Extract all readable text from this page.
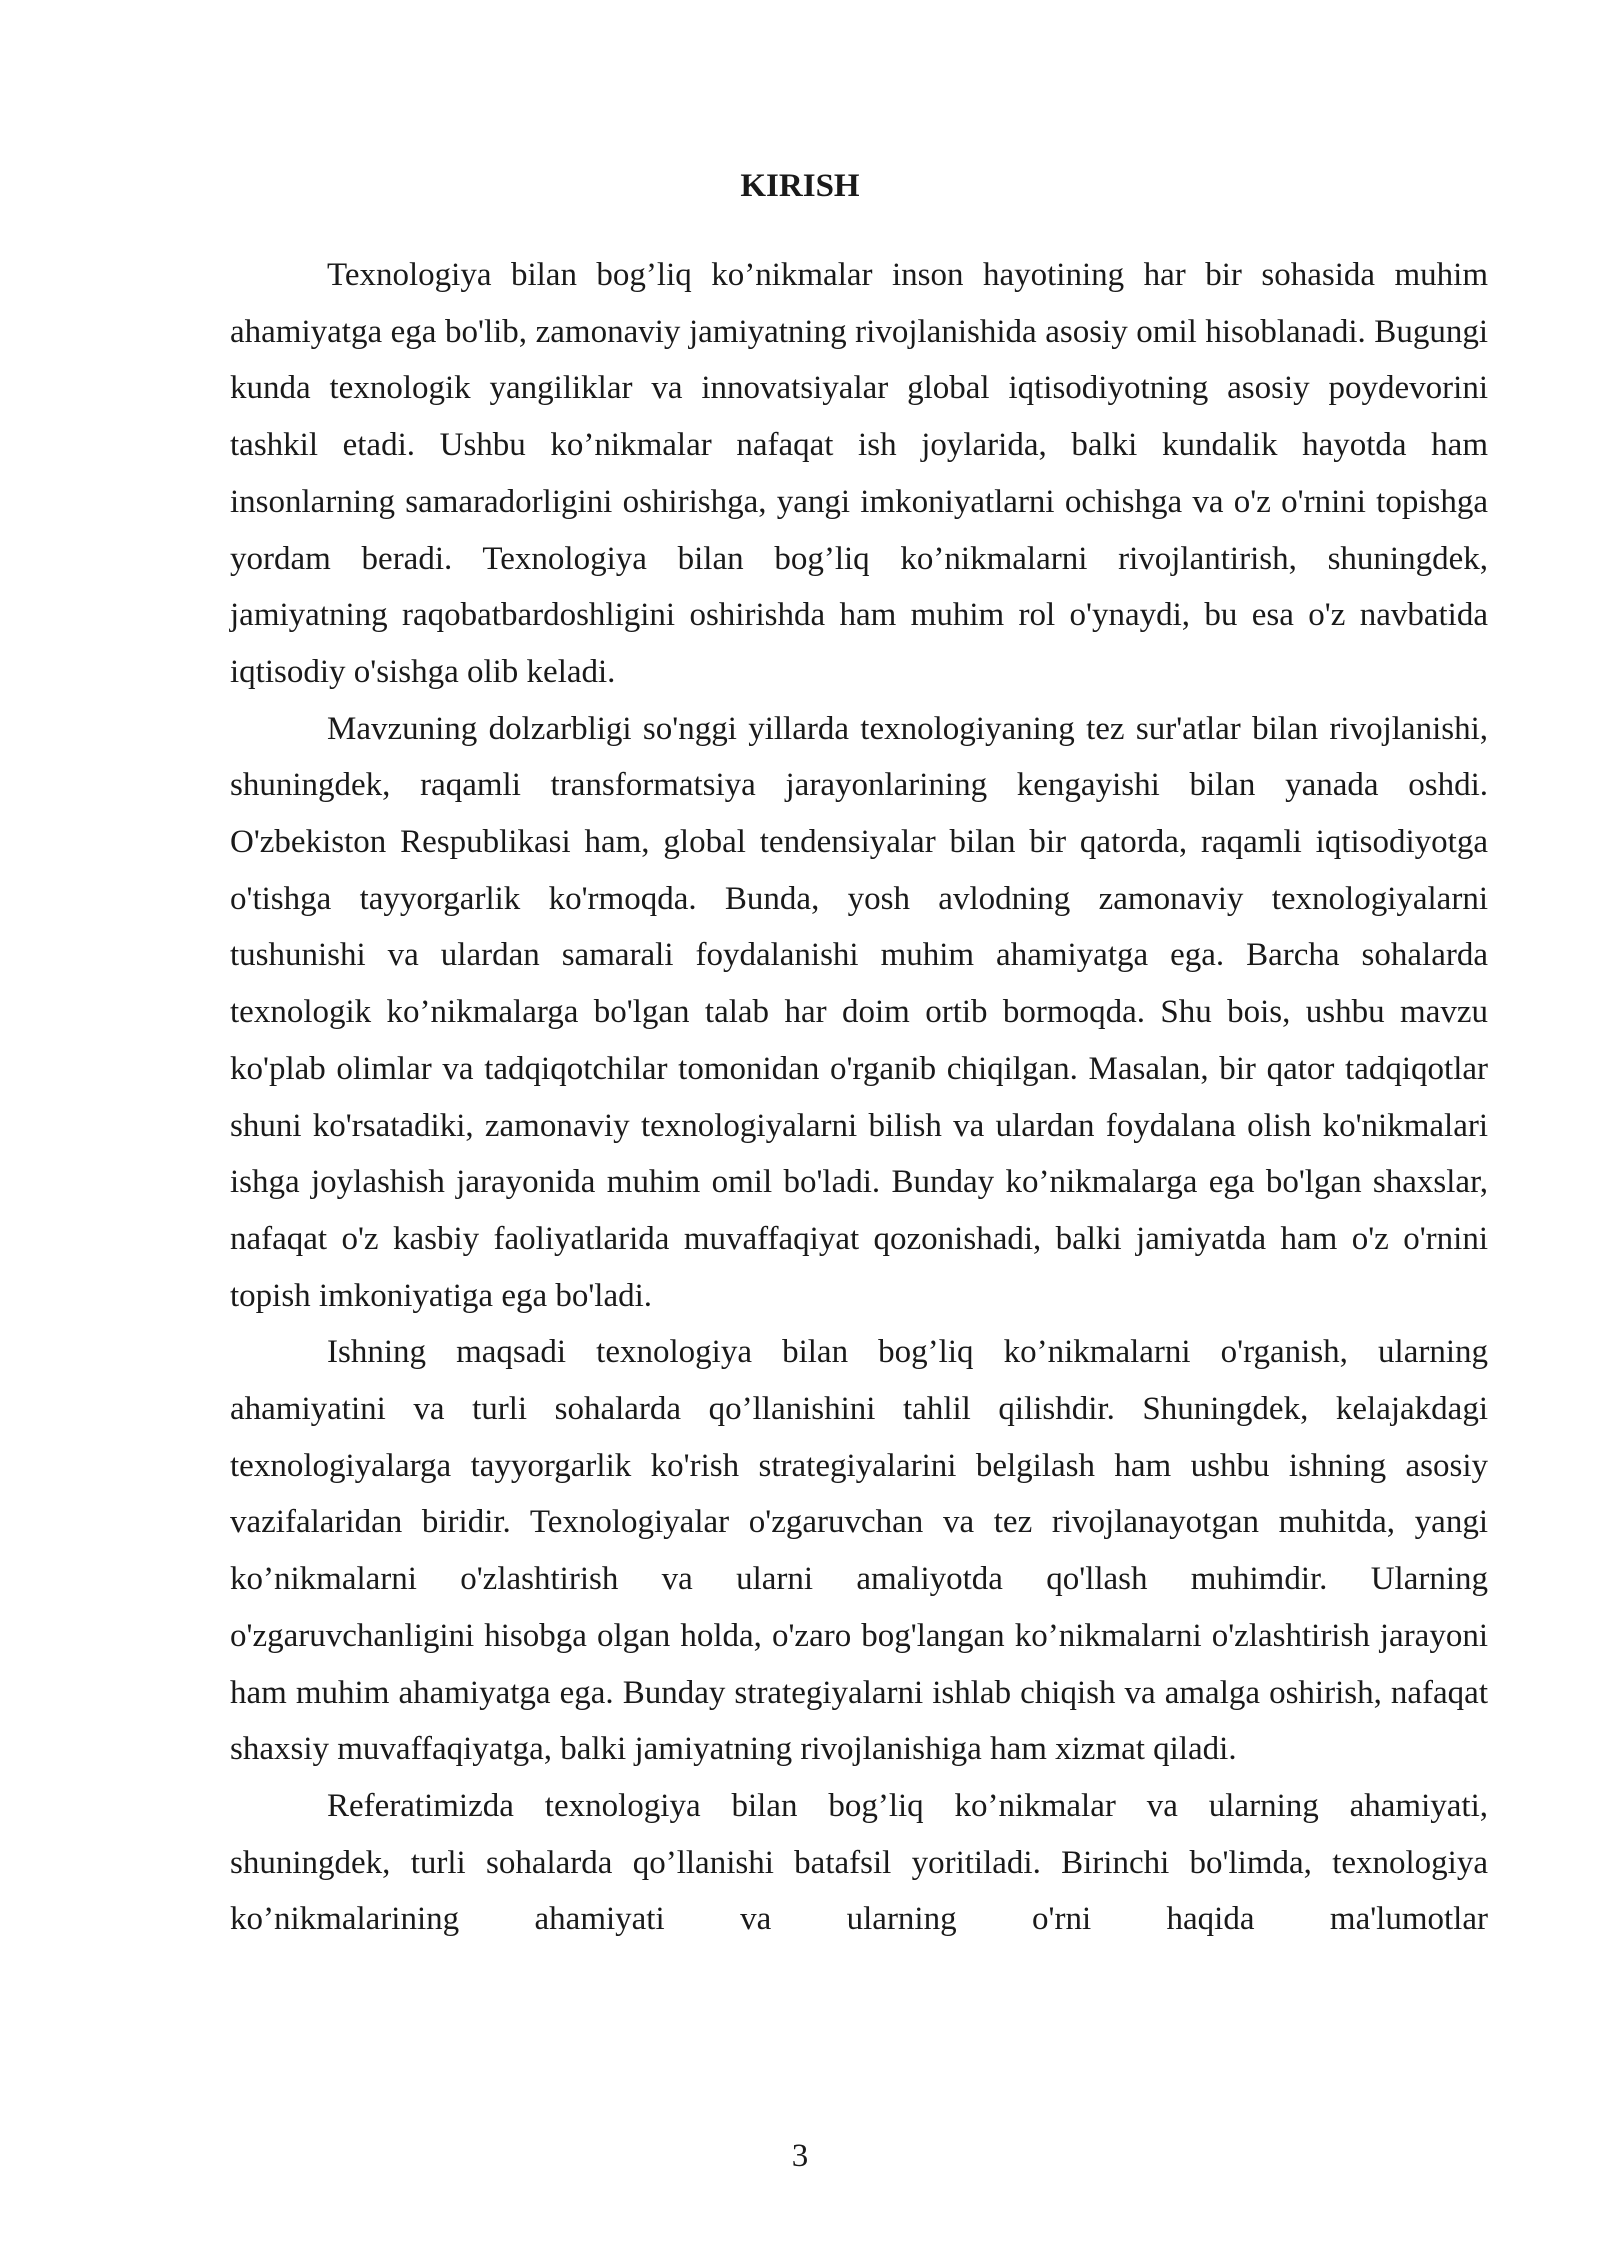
KIRISH

Texnologiya bilan bog’liq ko’nikmalar inson hayotining har bir sohasida muhim ahamiyatga ega bo'lib, zamonaviy jamiyatning rivojlanishida asosiy omil hisoblanadi. Bugungi kunda texnologik yangiliklar va innovatsiyalar global iqtisodiyotning asosiy poydevorini tashkil etadi. Ushbu ko’nikmalar nafaqat ish joylarida, balki kundalik hayotda ham insonlarning samaradorligini oshirishga, yangi imkoniyatlarni ochishga va o'z o'rnini topishga yordam beradi. Texnologiya bilan bog’liq ko’nikmalarni rivojlantirish, shuningdek, jamiyatning raqobatbardoshligini oshirishda ham muhim rol o'ynaydi, bu esa o'z navbatida iqtisodiy o'sishga olib keladi.

Mavzuning dolzarbligi so'nggi yillarda texnologiyaning tez sur'atlar bilan rivojlanishi, shuningdek, raqamli transformatsiya jarayonlarining kengayishi bilan yanada oshdi. O'zbekiston Respublikasi ham, global tendensiyalar bilan bir qatorda, raqamli iqtisodiyotga o'tishga tayyorgarlik ko'rmoqda. Bunda, yosh avlodning zamonaviy texnologiyalarni tushunishi va ulardan samarali foydalanishi muhim ahamiyatga ega. Barcha sohalarda texnologik ko’nikmalarga bo'lgan talab har doim ortib bormoqda. Shu bois, ushbu mavzu ko'plab olimlar va tadqiqotchilar tomonidan o'rganib chiqilgan. Masalan, bir qator tadqiqotlar shuni ko'rsatadiki, zamonaviy texnologiyalarni bilish va ulardan foydalana olish ko'nikmalari ishga joylashish jarayonida muhim omil bo'ladi. Bunday ko’nikmalarga ega bo'lgan shaxslar, nafaqat o'z kasbiy faoliyatlarida muvaffaqiyat qozonishadi, balki jamiyatda ham o'z o'rnini topish imkoniyatiga ega bo'ladi.

Ishning maqsadi texnologiya bilan bog’liq ko’nikmalarni o'rganish, ularning ahamiyatini va turli sohalarda qo’llanishini tahlil qilishdir. Shuningdek, kelajakdagi texnologiyalarga tayyorgarlik ko'rish strategiyalarini belgilash ham ushbu ishning asosiy vazifalaridan biridir. Texnologiyalar o'zgaruvchan va tez rivojlanayotgan muhitda, yangi ko’nikmalarni o'zlashtirish va ularni amaliyotda qo'llash muhimdir. Ularning o'zgaruvchanligini hisobga olgan holda, o'zaro bog'langan ko’nikmalarni o'zlashtirish jarayoni ham muhim ahamiyatga ega. Bunday strategiyalarni ishlab chiqish va amalga oshirish, nafaqat shaxsiy muvaffaqiyatga, balki jamiyatning rivojlanishiga ham xizmat qiladi.

Referatimizda texnologiya bilan bog’liq ko’nikmalar va ularning ahamiyati, shuningdek, turli sohalarda qo’llanishi batafsil yoritiladi. Birinchi bo'limda, texnologiya ko’nikmalarining ahamiyati va ularning o'rni haqida ma'lumotlar

3
